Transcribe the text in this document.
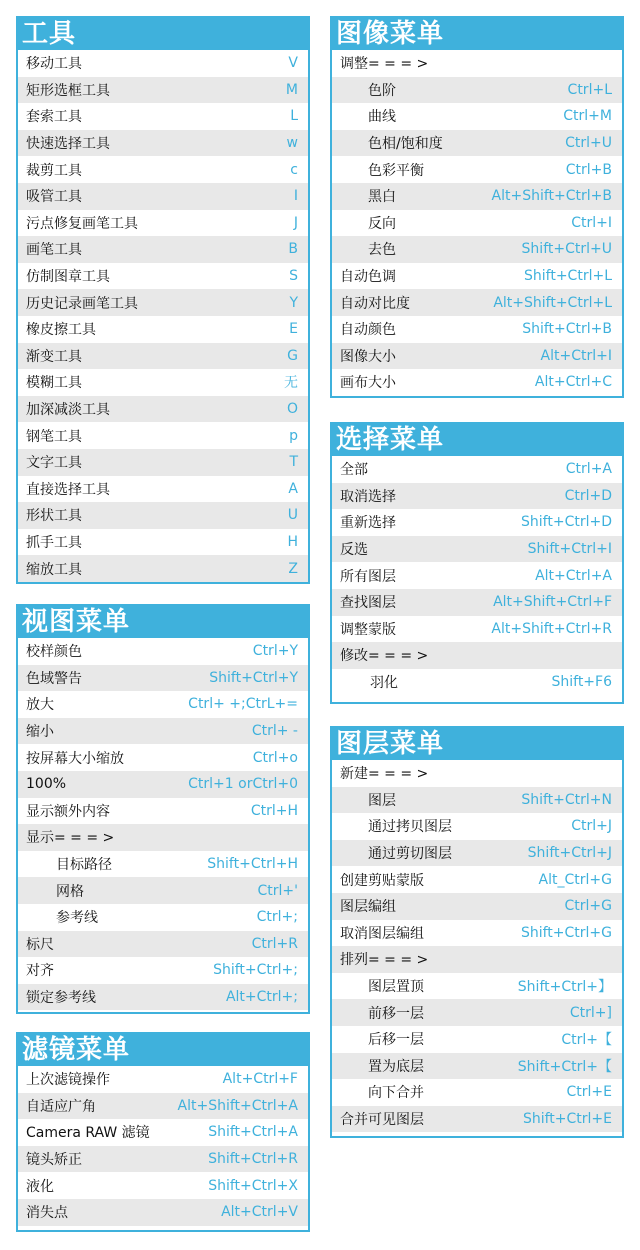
工具
移动工具	V
矩形选框工具	M
套索工具	L
快速选择工具	w
裁剪工具	c
吸管工具	I
污点修复画笔工具	J
画笔工具	B
仿制图章工具	S
历史记录画笔工具	Y
橡皮擦工具	E
渐变工具	G
模糊工具	无
加深减淡工具	O
钢笔工具	p
文字工具	T
直接选择工具	A
形状工具	U
抓手工具	H
缩放工具	Z
视图菜单
校样颜色	Ctrl+Y
色域警告	Shift+Ctrl+Y
放大	Ctrl+ +;CtrL+=
缩小	Ctrl+ -
按屏幕大小缩放	Ctrl+o
100%	Ctrl+1 orCtrl+0
显示额外内容	Ctrl+H
显示= = = >
目标路径	Shift+Ctrl+H
网格	Ctrl+'
参考线	Ctrl+;
标尺	Ctrl+R
对齐	Shift+Ctrl+;
锁定参考线	Alt+Ctrl+;
滤镜菜单
上次滤镜操作	Alt+Ctrl+F
自适应广角	Alt+Shift+Ctrl+A
Camera RAW 滤镜	Shift+Ctrl+A
镜头矫正	Shift+Ctrl+R
液化	Shift+Ctrl+X
消失点	Alt+Ctrl+V
图像菜单
调整= = = >
色阶	Ctrl+L
曲线	Ctrl+M
色相/饱和度	Ctrl+U
色彩平衡	Ctrl+B
黑白	Alt+Shift+Ctrl+B
反向	Ctrl+I
去色	Shift+Ctrl+U
自动色调	Shift+Ctrl+L
自动对比度	Alt+Shift+Ctrl+L
自动颜色	Shift+Ctrl+B
图像大小	Alt+Ctrl+I
画布大小	Alt+Ctrl+C
选择菜单
全部	Ctrl+A
取消选择	Ctrl+D
重新选择	Shift+Ctrl+D
反选	Shift+Ctrl+I
所有图层	Alt+Ctrl+A
查找图层	Alt+Shift+Ctrl+F
调整蒙版	Alt+Shift+Ctrl+R
修改= = = >
羽化	Shift+F6
图层菜单
新建= = = >
图层	Shift+Ctrl+N
通过拷贝图层	Ctrl+J
通过剪切图层	Shift+Ctrl+J
创建剪贴蒙版	Alt_Ctrl+G
图层编组	Ctrl+G
取消图层编组	Shift+Ctrl+G
排列= = = >
图层置顶	Shift+Ctrl+】
前移一层	Ctrl+]
后移一层	Ctrl+【
置为底层	Shift+Ctrl+【
向下合并	Ctrl+E
合并可见图层	Shift+Ctrl+E
